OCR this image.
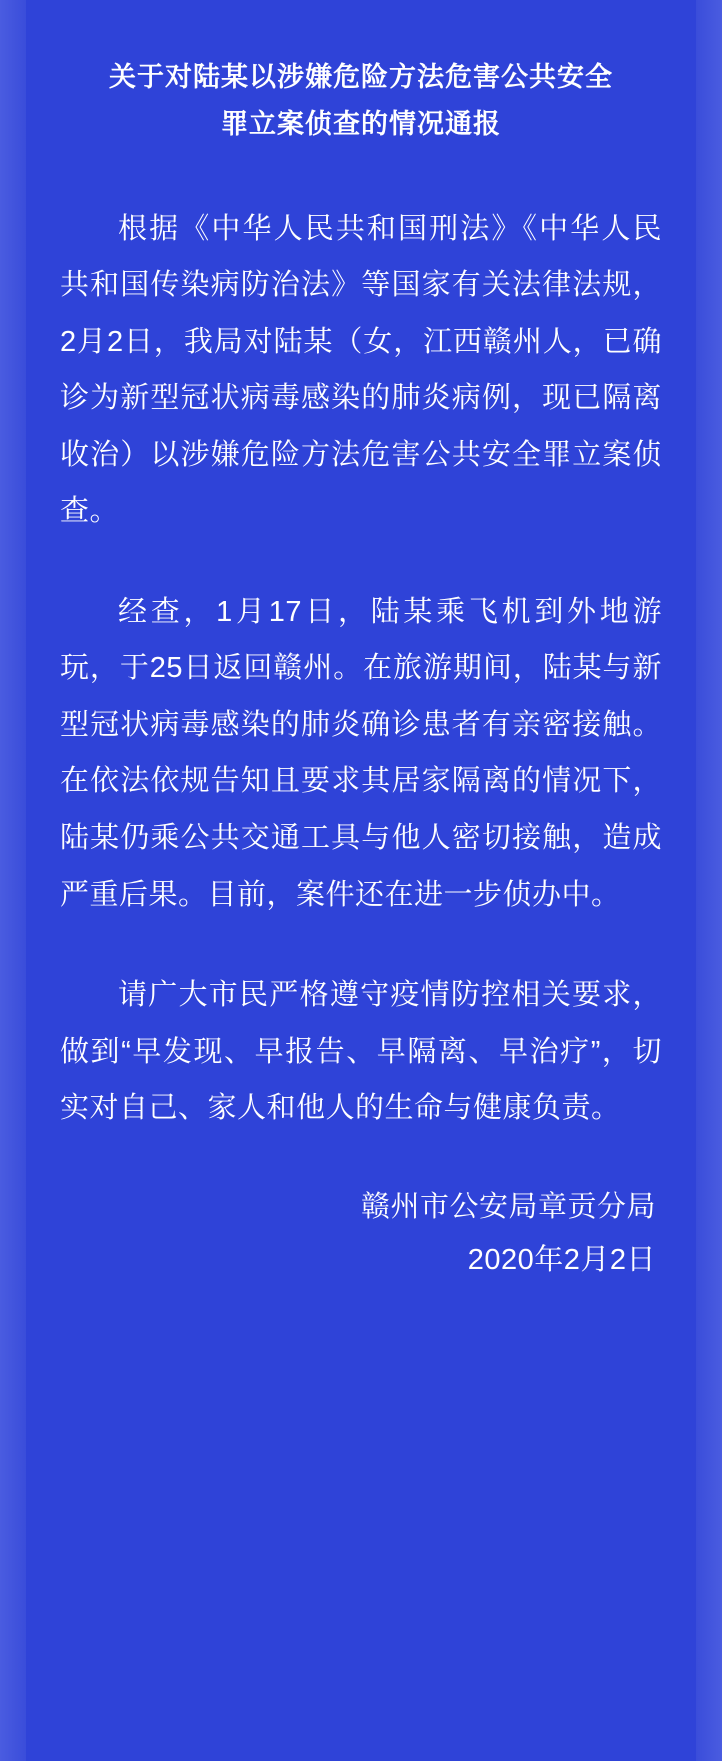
关于对陆某以涉嫌危险方法危害公共安全罪立案侦查的情况通报

根据《中华人民共和国刑法》《中华人民共和国传染病防治法》等国家有关法律法规，2月2日，我局对陆某（女，江西赣州人，已确诊为新型冠状病毒感染的肺炎病例，现已隔离收治）以涉嫌危险方法危害公共安全罪立案侦查。

经查，1月17日，陆某乘飞机到外地游玩，于25日返回赣州。在旅游期间，陆某与新型冠状病毒感染的肺炎确诊患者有亲密接触。在依法依规告知且要求其居家隔离的情况下，陆某仍乘公共交通工具与他人密切接触，造成严重后果。目前，案件还在进一步侦办中。

请广大市民严格遵守疫情防控相关要求，做到“早发现、早报告、早隔离、早治疗”，切实对自己、家人和他人的生命与健康负责。

赣州市公安局章贡分局
2020年2月2日
